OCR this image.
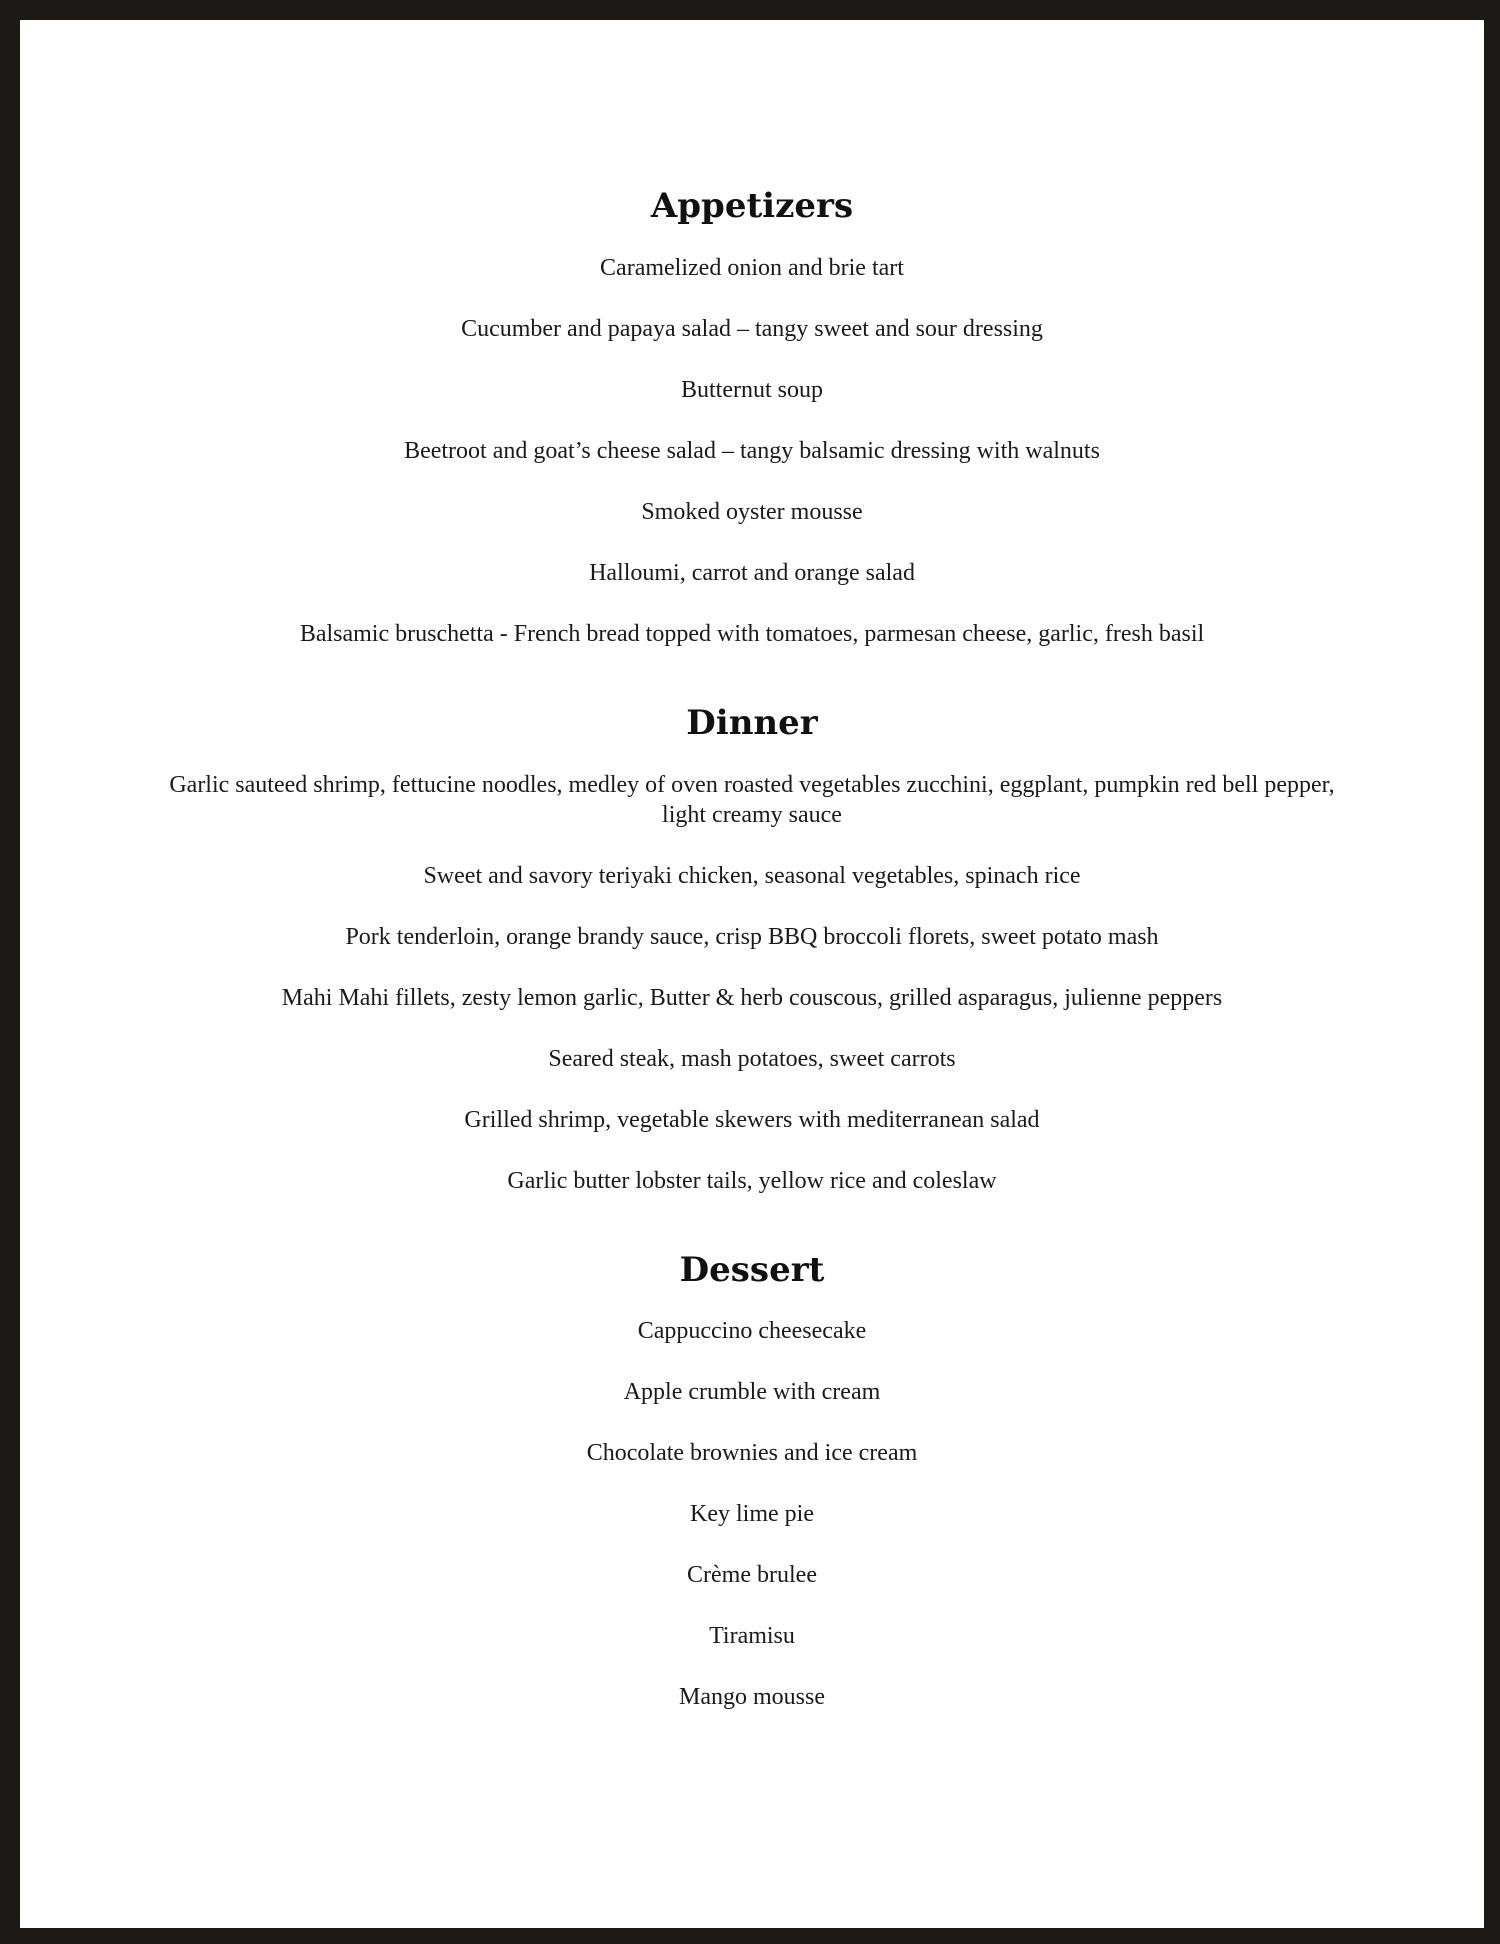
Appetizers
Caramelized onion and brie tart
Cucumber and papaya salad – tangy sweet and sour dressing
Butternut soup
Beetroot and goat’s cheese salad – tangy balsamic dressing with walnuts
Smoked oyster mousse
Halloumi, carrot and orange salad
Balsamic bruschetta - French bread topped with tomatoes, parmesan cheese, garlic, fresh basil
Dinner
Garlic sauteed shrimp, fettucine noodles, medley of oven roasted vegetables zucchini, eggplant, pumpkin red bell pepper, light creamy sauce
Sweet and savory teriyaki chicken, seasonal vegetables, spinach rice
Pork tenderloin, orange brandy sauce, crisp BBQ broccoli florets, sweet potato mash
Mahi Mahi fillets, zesty lemon garlic, Butter & herb couscous, grilled asparagus, julienne peppers
Seared steak, mash potatoes, sweet carrots
Grilled shrimp, vegetable skewers with mediterranean salad
Garlic butter lobster tails, yellow rice and coleslaw
Dessert
Cappuccino cheesecake
Apple crumble with cream
Chocolate brownies and ice cream
Key lime pie
Crème brulee
Tiramisu
Mango mousse
